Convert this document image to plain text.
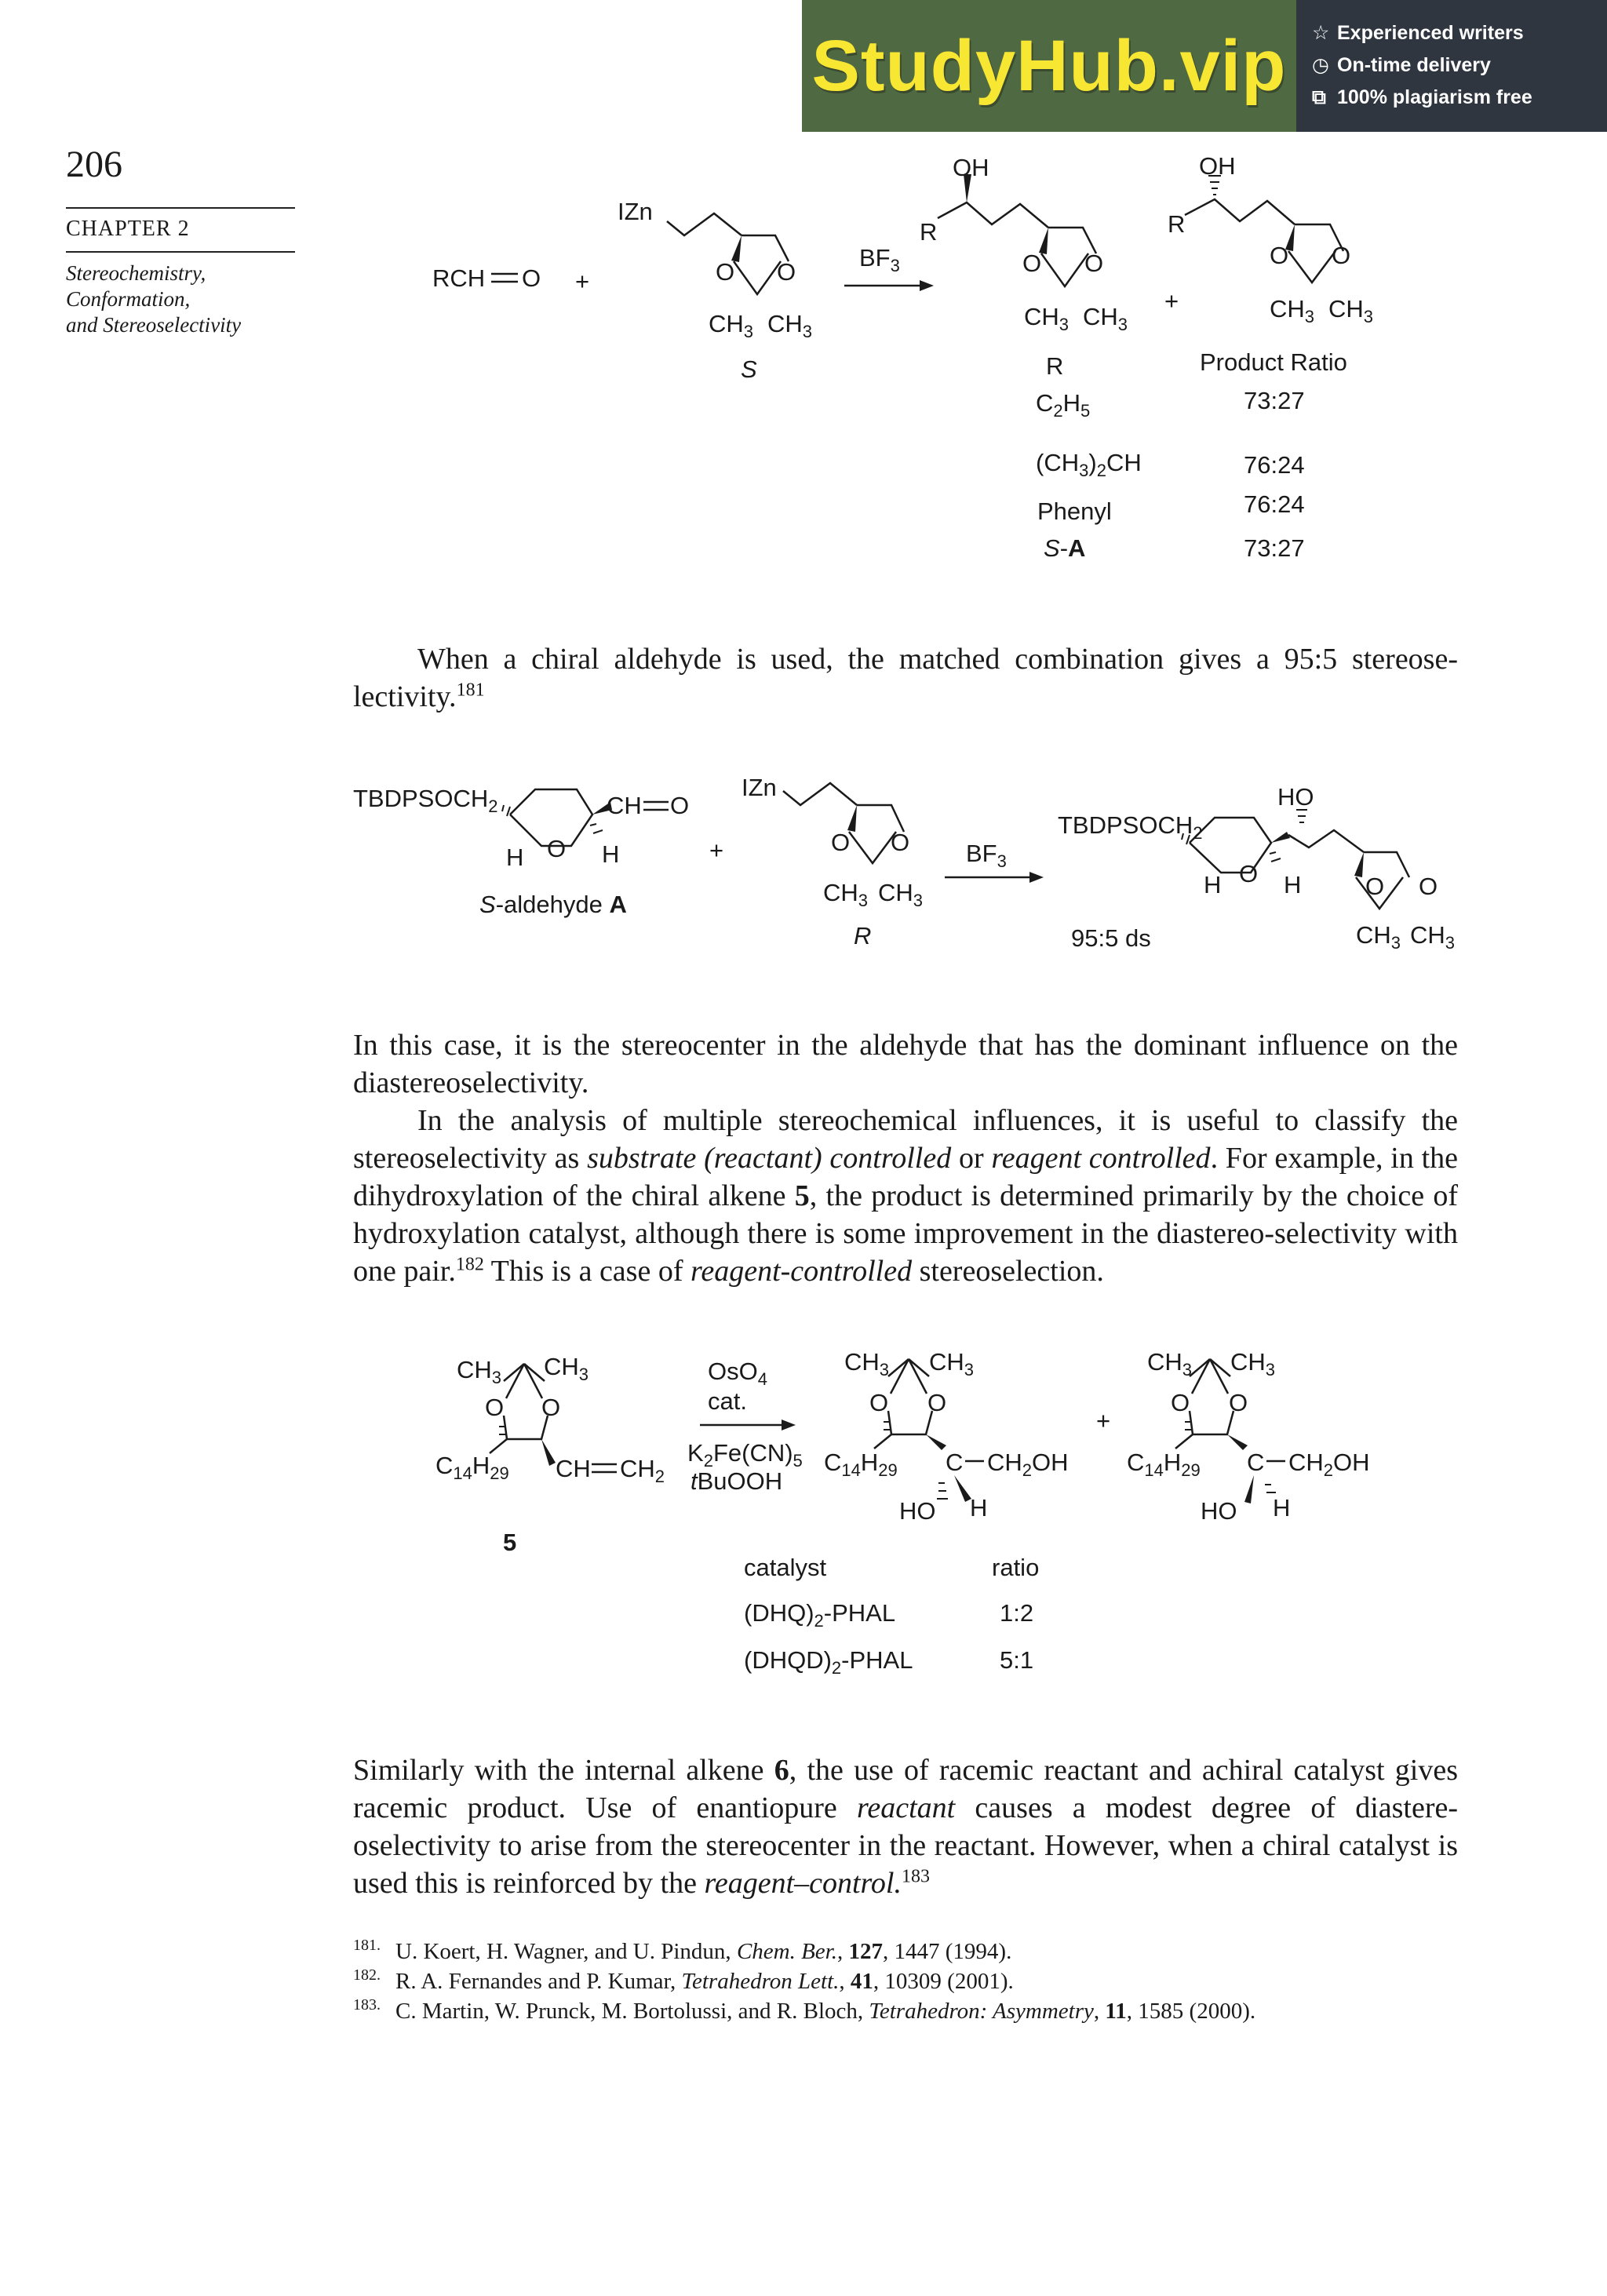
StudyHub.vip	☆ Experienced writers
◷ On-time delivery
⧉ 100% plagiarism free
206
CHAPTER 2
Stereochemistry,
Conformation,
and Stereoselectivity
RCH O +
IZn
O O
$CH_3$ $CH_3$
S
$BF_3$
OH
R
O O
$CH_3$ $CH_3$
+
OH
R
O O
$CH_3$ $CH_3$
R	Product Ratio
$C_2H_5$	73:27
$(CH_3)_2CH$	76:24
Phenyl	76:24
S-A	73:27
When a chiral aldehyde is used, the matched combination gives a 95:5 stereose-lectivity.$^{181}$
$TBDPSOCH_2$	CH O
H O H
S-aldehyde A
+
IZn
O O
$CH_3$ $CH_3$
R
$BF_3$
$TBDPSOCH_2$
HO
H O H	O O
$CH_3$ $CH_3$
95:5 ds
In this case, it is the stereocenter in the aldehyde that has the dominant influence on the diastereoselectivity.
In the analysis of multiple stereochemical influences, it is useful to classify the stereoselectivity as substrate (reactant) controlled or reagent controlled. For example, in the dihydroxylation of the chiral alkene 5, the product is determined primarily by the choice of hydroxylation catalyst, although there is some improvement in the diastereo-selectivity with one pair.$^{182}$ This is a case of reagent-controlled stereoselection.
$CH_3$ $CH_3$
O O
$C_{14}H_{29}$ CH $CH_2$
5
OsO$_4$
cat.
$K_2Fe(CN)_5$
tBuOOH
$CH_3$ $CH_3$
O O
$C_{14}H_{29}$ C $CH_2OH$
HO H
+
$CH_3$ $CH_3$
O O
$C_{14}H_{29}$ C $CH_2OH$
HO H
catalyst	ratio
$(DHQ)_2$-PHAL	1:2
$(DHQD)_2$-PHAL	5:1
Similarly with the internal alkene 6, the use of racemic reactant and achiral catalyst gives racemic product. Use of enantiopure reactant causes a modest degree of diastere-oselectivity to arise from the stereocenter in the reactant. However, when a chiral catalyst is used this is reinforced by the reagent–control.$^{183}$
$^{181.}$ U. Koert, H. Wagner, and U. Pindun, Chem. Ber., 127, 1447 (1994).
$^{182.}$ R. A. Fernandes and P. Kumar, Tetrahedron Lett., 41, 10309 (2001).
$^{183.}$ C. Martin, W. Prunck, M. Bortolussi, and R. Bloch, Tetrahedron: Asymmetry, 11, 1585 (2000).
